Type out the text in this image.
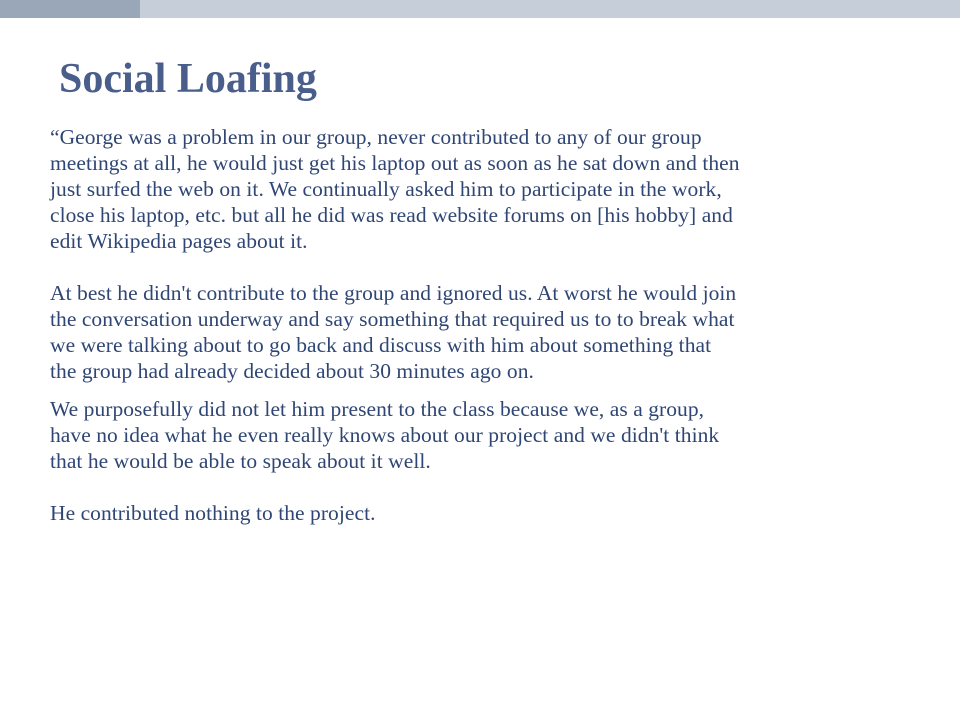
Social Loafing

“George was a problem in our group, never contributed to any of our group
meetings at all, he would just get his laptop out as soon as he sat down and then
just surfed the web on it. We continually asked him to participate in the work,
close his laptop, etc. but all he did was read website forums on [his hobby] and
edit Wikipedia pages about it.

At best he didn't contribute to the group and ignored us. At worst he would join
the conversation underway and say something that required us to to break what
we were talking about to go back and discuss with him about something that
the group had already decided about 30 minutes ago on.

We purposefully did not let him present to the class because we, as a group,
have no idea what he even really knows about our project and we didn't think
that he would be able to speak about it well.

He contributed nothing to the project.
